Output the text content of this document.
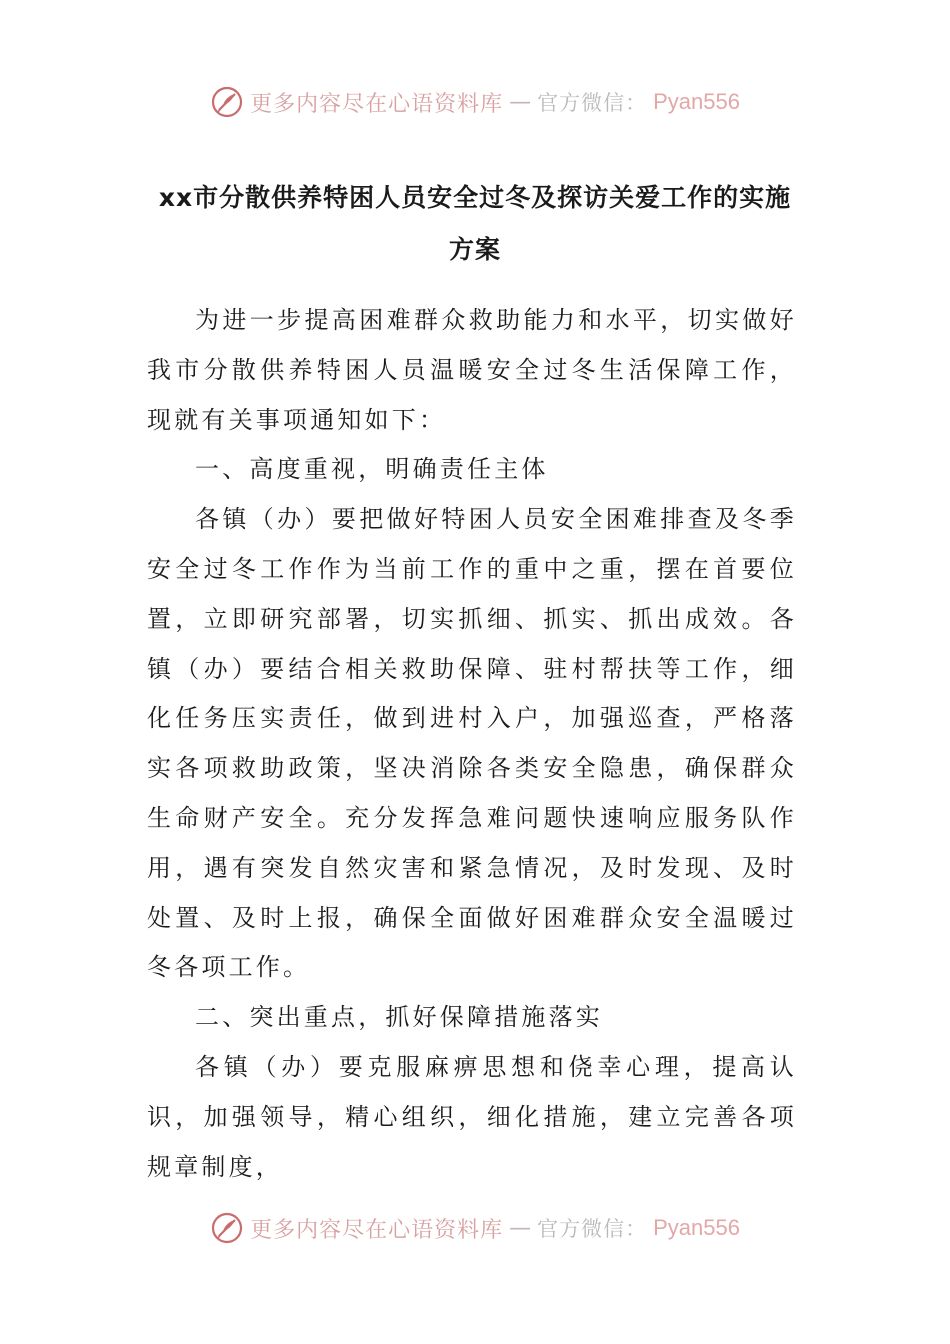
更多内容尽在心语资料库 — 官方微信： Pyan556
xx市分散供养特困人员安全过冬及探访关爱工作的实施方案

为进一步提高困难群众救助能力和水平，切实做好我市分散供养特困人员温暖安全过冬生活保障工作，现就有关事项通知如下：

一、高度重视，明确责任主体

各镇（办）要把做好特困人员安全困难排查及冬季安全过冬工作作为当前工作的重中之重，摆在首要位置，立即研究部署，切实抓细、抓实、抓出成效。各镇（办）要结合相关救助保障、驻村帮扶等工作，细化任务压实责任，做到进村入户，加强巡查，严格落实各项救助政策，坚决消除各类安全隐患，确保群众生命财产安全。充分发挥急难问题快速响应服务队作用，遇有突发自然灾害和紧急情况，及时发现、及时处置、及时上报，确保全面做好困难群众安全温暖过冬各项工作。

二、突出重点，抓好保障措施落实

各镇（办）要克服麻痹思想和侥幸心理，提高认识，加强领导，精心组织，细化措施，建立完善各项规章制度，

更多内容尽在心语资料库 — 官方微信： Pyan556
